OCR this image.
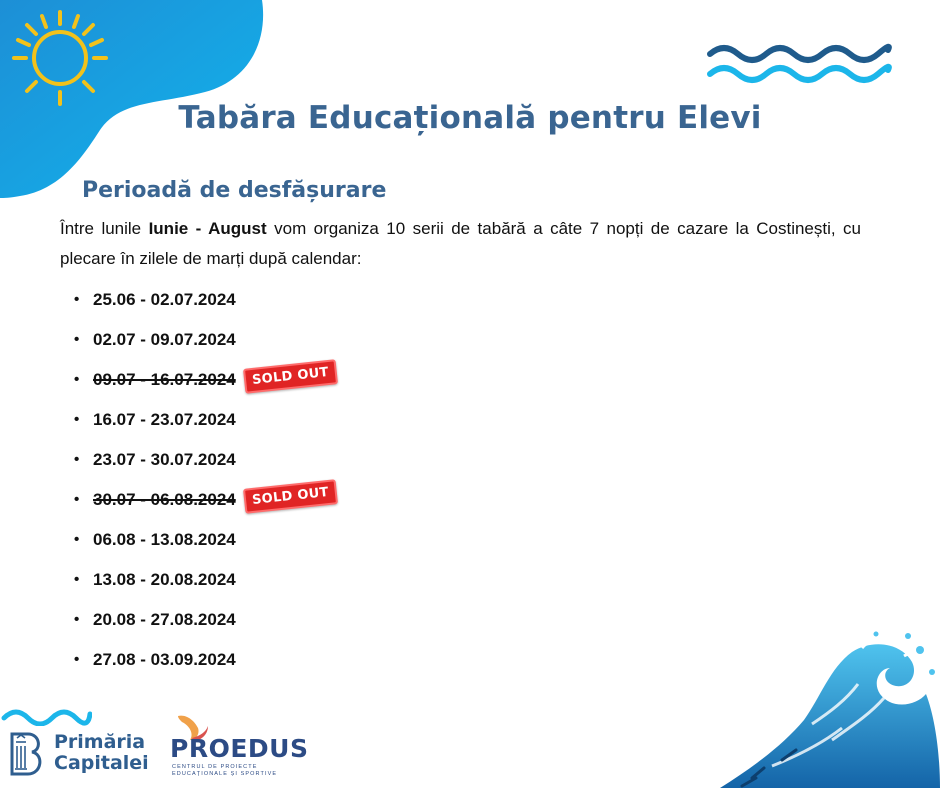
Tabăra Educațională pentru Elevi
Perioadă de desfășurare

Între lunile Iunie - August vom organiza 10 serii de tabără a câte 7 nopți de cazare la Costinești, cu plecare în zilele de marți după calendar:

• 25.06 - 02.07.2024
• 02.07 - 09.07.2024
• 09.07 - 16.07.2024	SOLD OUT
• 16.07 - 23.07.2024
• 23.07 - 30.07.2024
• 30.07 - 06.08.2024	SOLD OUT
• 06.08 - 13.08.2024
• 13.08 - 20.08.2024
• 20.08 - 27.08.2024
• 27.08 - 03.09.2024
Primăria
Capitalei PROEDUS
CENTRUL DE PROIECTE EDUCAȚIONALE ȘI SPORTIVE
